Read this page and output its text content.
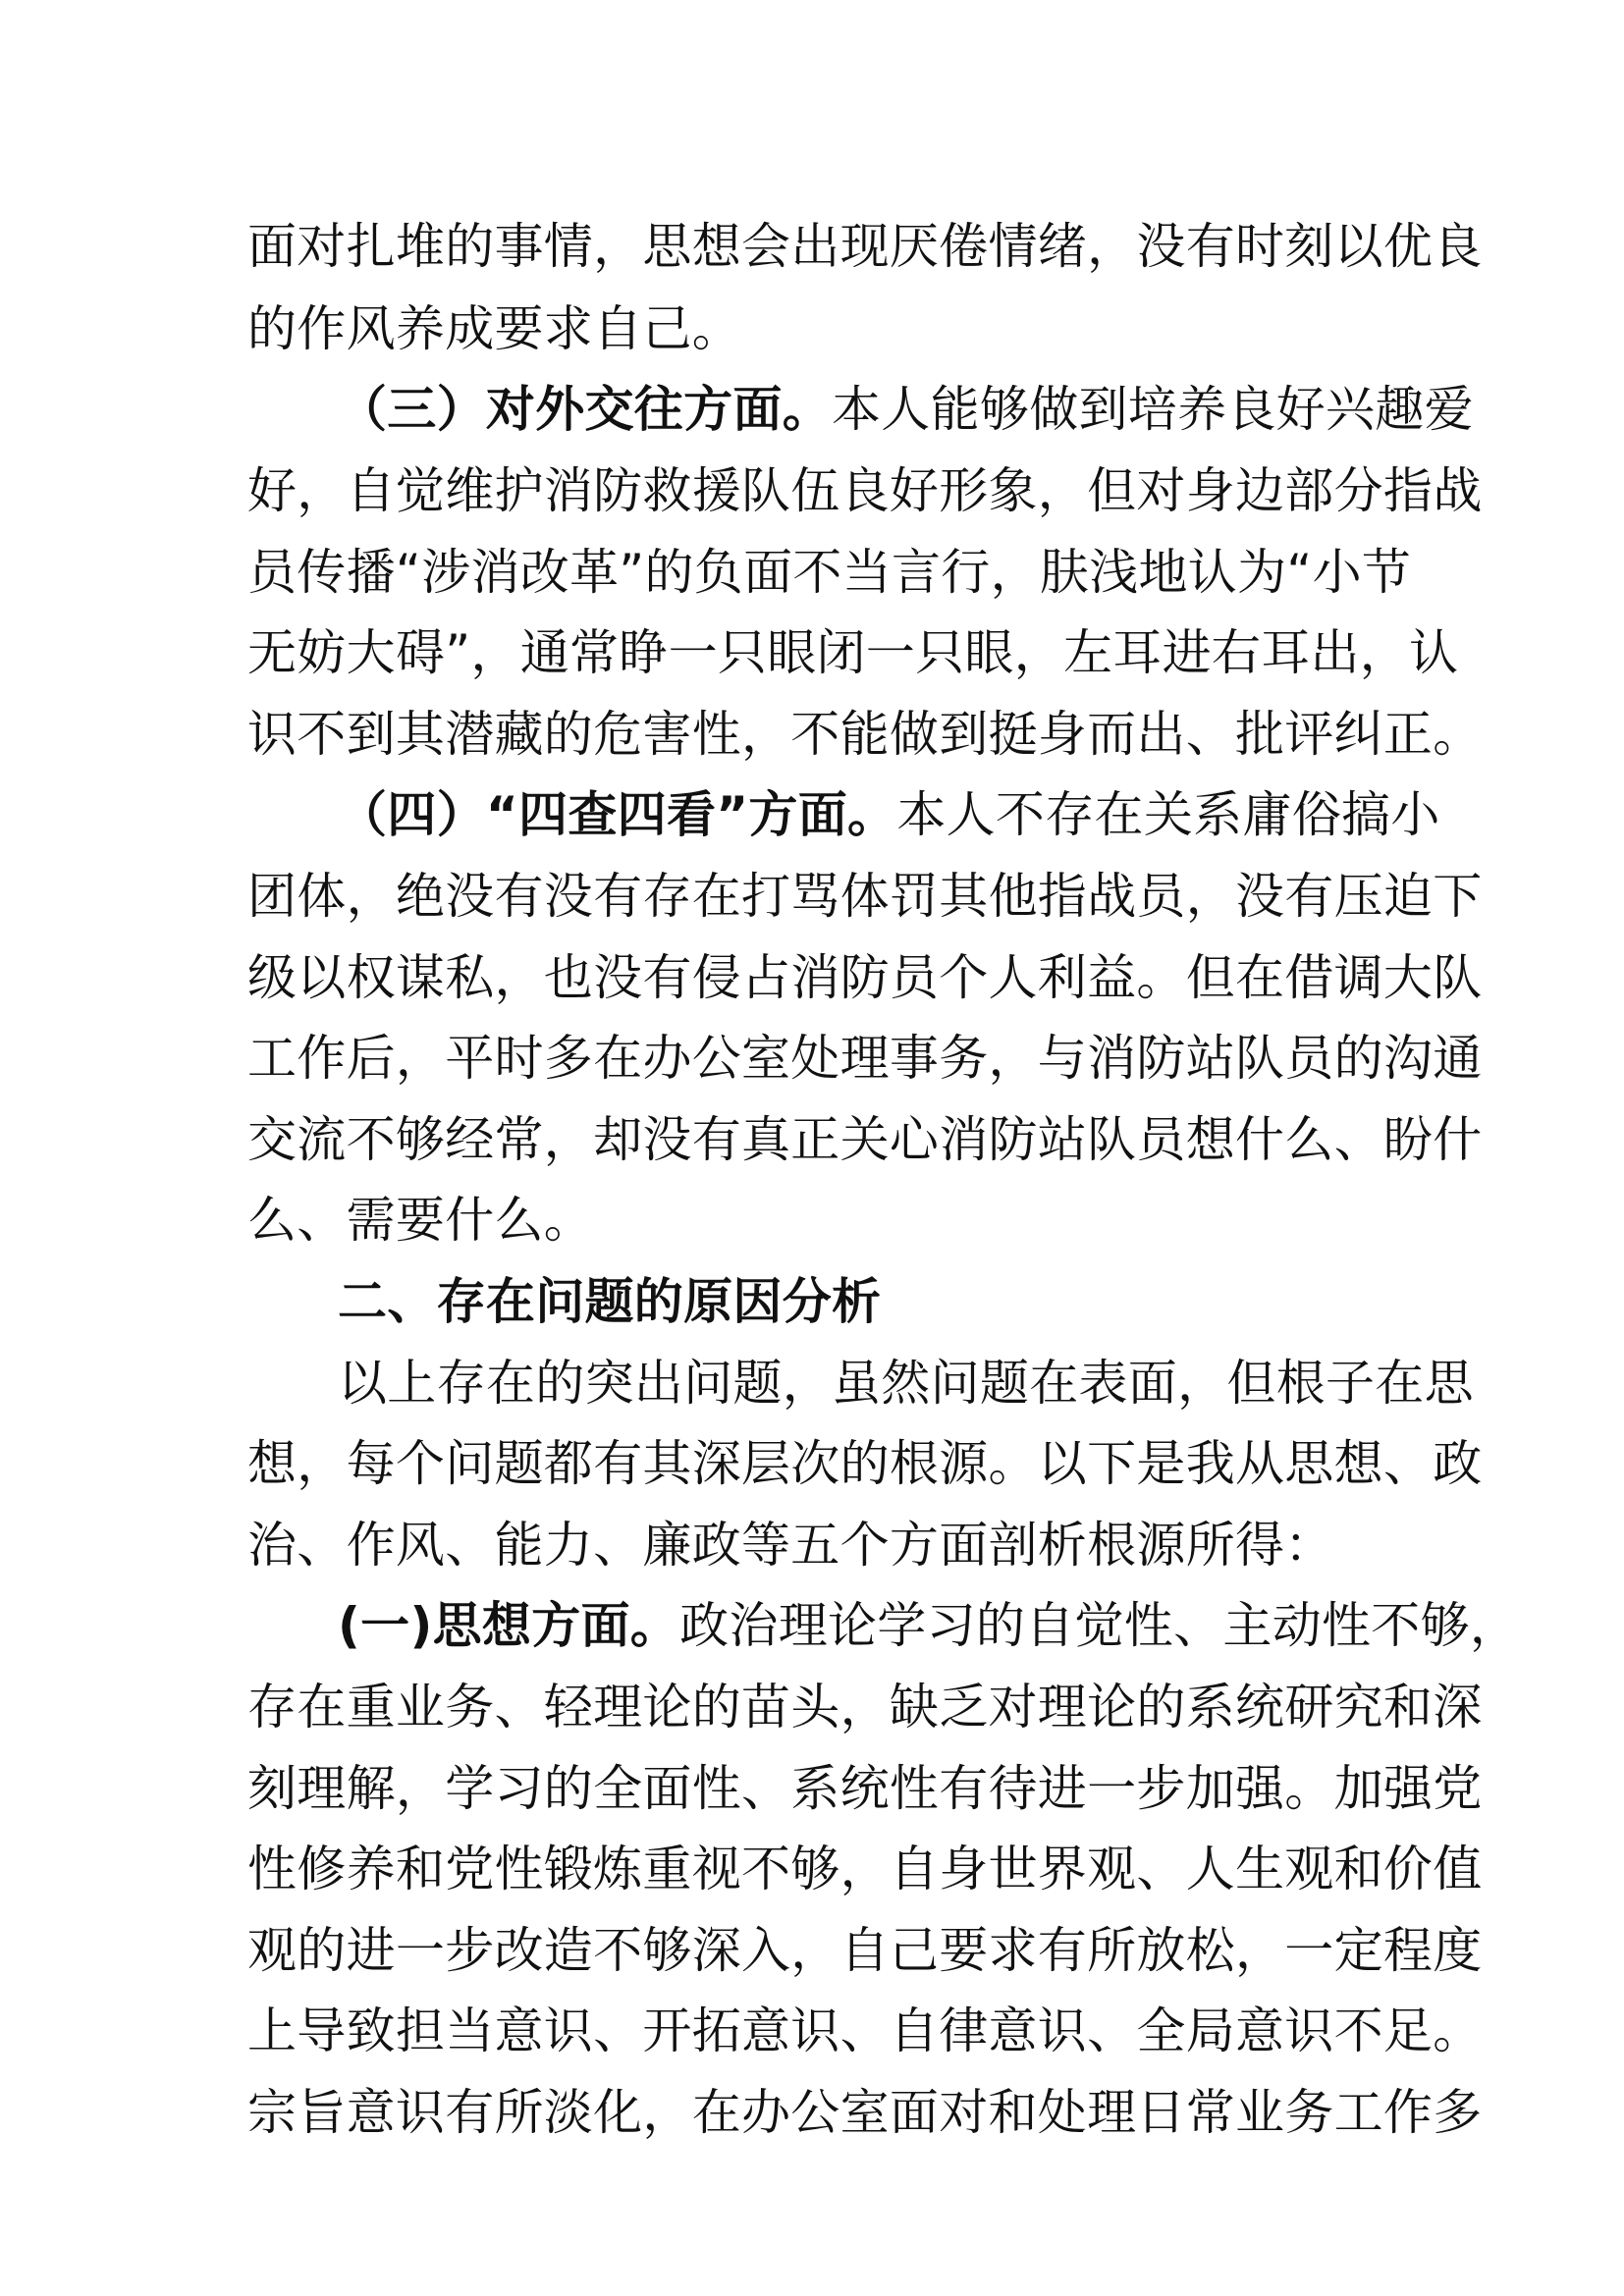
面对扎堆的事情，思想会出现厌倦情绪，没有时刻以优良
的作风养成要求自己。
（三）对外交往方面。本人能够做到培养良好兴趣爱
好，自觉维护消防救援队伍良好形象，但对身边部分指战
员传播“涉消改革”的负面不当言行，肤浅地认为“小节
无妨大碍”，通常睁一只眼闭一只眼，左耳进右耳出，认
识不到其潜藏的危害性，不能做到挺身而出、批评纠正。
（四）“四查四看”方面。本人不存在关系庸俗搞小
团体，绝没有没有存在打骂体罚其他指战员，没有压迫下
级以权谋私，也没有侵占消防员个人利益。但在借调大队
工作后，平时多在办公室处理事务，与消防站队员的沟通
交流不够经常，却没有真正关心消防站队员想什么、盼什
么、需要什么。
二、存在问题的原因分析
以上存在的突出问题，虽然问题在表面，但根子在思
想，每个问题都有其深层次的根源。以下是我从思想、政
治、作风、能力、廉政等五个方面剖析根源所得：
(一)思想方面。政治理论学习的自觉性、主动性不够，
存在重业务、轻理论的苗头，缺乏对理论的系统研究和深
刻理解，学习的全面性、系统性有待进一步加强。加强党
性修养和党性锻炼重视不够，自身世界观、人生观和价值
观的进一步改造不够深入，自己要求有所放松，一定程度
上导致担当意识、开拓意识、自律意识、全局意识不足。
宗旨意识有所淡化，在办公室面对和处理日常业务工作多
